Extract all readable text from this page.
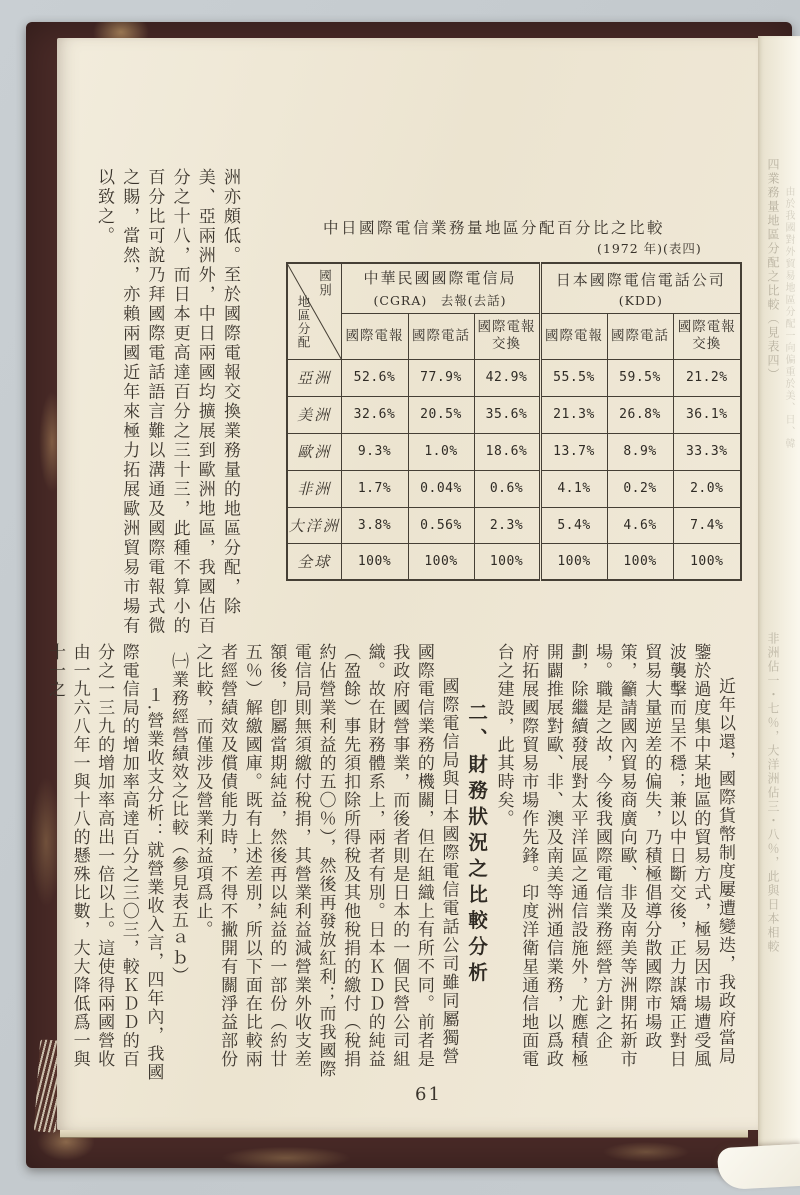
洲亦頗低。至於國際電報交換業務量的地區分配，除美、亞兩洲外，中日兩國均擴展到歐洲地區，我國佔百分之十八，而日本更高達百分之三十三，此種不算小的百分比可說乃拜國際電話語言難以溝通及國際電報式微之賜，當然，亦賴兩國近年來極力拓展歐洲貿易市場有以致之。	中日國際電信業務量地區分配百分比之比較
(1972 年)(表四)
國別
地區分配

中華民國國際電信局
(CGRA)　去報(去話)

日本國際電信電話公司
(KDD)

	國際電報	國際電話	國際電報交換	國際電報	國際電話	國際電報交換
亞洲	52.6%	77.9%	42.9%	55.5%	59.5%	21.2%
美洲	32.6%	20.5%	35.6%	21.3%	26.8%	36.1%
歐洲	9.3%	1.0%	18.6%	13.7%	8.9%	33.3%
非洲	1.7%	0.04%	0.6%	4.1%	0.2%	2.0%
大洋洲	3.8%	0.56%	2.3%	5.4%	4.6%	7.4%
全球	100%	100%	100%	100%	100%	100%

近年以還，國際貨幣制度屢遭變迭，我政府當局鑒於過度集中某地區的貿易方式，極易因市場遭受風波襲擊而呈不穩；兼以中日斷交後，正力謀矯正對日貿易大量逆差的偏失，乃積極倡導分散國際市場政策，籲請國內貿易商廣向歐、非及南美等洲開拓新市場。職是之故，今後我國際電信業務經營方針之企劃，除繼續發展對太平洋區之通信設施外，尤應積極開闢推展對歐、非、澳及南美等洲通信業務，以爲政府拓展國際貿易市場作先鋒。印度洋衛星通信地面電台之建設，此其時矣。

二、財務狀況之比較分析

國際電信局與日本國際電信電話公司雖同屬獨營國際電信業務的機關，但在組織上有所不同。前者是我政府國營事業，而後者則是日本的一個民營公司組織。故在財務體系上，兩者有別。日本ＫＤＤ的純益（盈餘）事先須扣除所得稅及其他稅捐的繳付（稅捐約佔營業利益的五〇％），然後再發放紅利；而我國際電信局則無須繳付稅捐，其營業利益減營業外收支差額後，卽屬當期純益，然後再以純益的一部份（約廿五％）解繳國庫。既有上述差別，所以下面在比較兩者經營績效及償債能力時，不得不撇開有關淨益部份之比較，而僅涉及營業利益項爲止。

㈠業務經營績效之比較（參見表五ａｂ）

１.營業收支分析：就營業收入言，四年內，我國際電信局的增加率高達百分之三〇三，較ＫＤＤ的百分之一三九的增加率高出一倍以上。這使得兩國營收由一九六八年一與十八的懸殊比數，大大降低爲一與十一之

61
四業務量地區分配之比較（見表四） 由於我國對外貿易地區分配一向偏重於美、日、韓
非洲佔一・七％，大洋洲佔三・八％，此與日本相較
